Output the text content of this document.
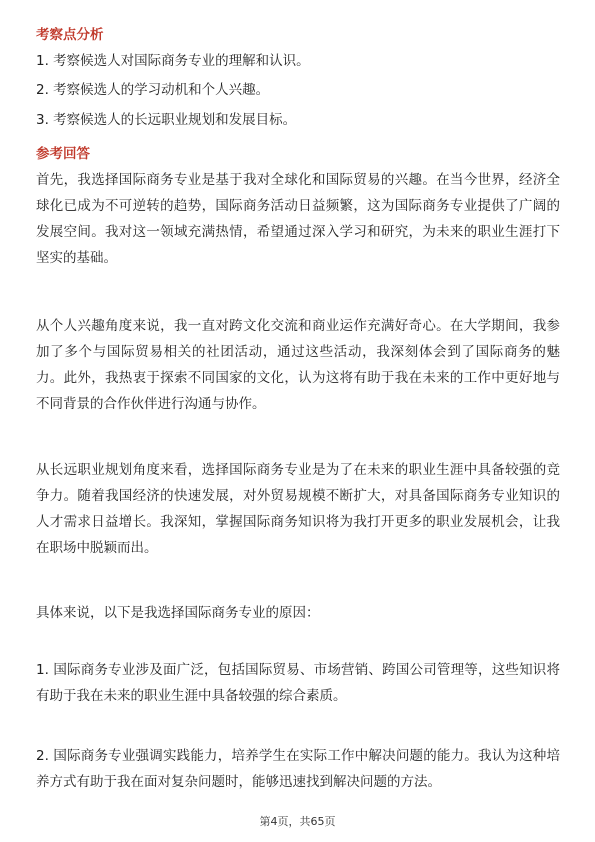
考察点分析

1. 考察候选人对国际商务专业的理解和认识。

2. 考察候选人的学习动机和个人兴趣。

3. 考察候选人的长远职业规划和发展目标。

参考回答

首先，我选择国际商务专业是基于我对全球化和国际贸易的兴趣。在当今世界，经济全球化已成为不可逆转的趋势，国际商务活动日益频繁，这为国际商务专业提供了广阔的发展空间。我对这一领域充满热情，希望通过深入学习和研究，为未来的职业生涯打下坚实的基础。

从个人兴趣角度来说，我一直对跨文化交流和商业运作充满好奇心。在大学期间，我参加了多个与国际贸易相关的社团活动，通过这些活动，我深刻体会到了国际商务的魅力。此外，我热衷于探索不同国家的文化，认为这将有助于我在未来的工作中更好地与不同背景的合作伙伴进行沟通与协作。

从长远职业规划角度来看，选择国际商务专业是为了在未来的职业生涯中具备较强的竞争力。随着我国经济的快速发展，对外贸易规模不断扩大，对具备国际商务专业知识的人才需求日益增长。我深知，掌握国际商务知识将为我打开更多的职业发展机会，让我在职场中脱颖而出。

具体来说，以下是我选择国际商务专业的原因：

1. 国际商务专业涉及面广泛，包括国际贸易、市场营销、跨国公司管理等，这些知识将有助于我在未来的职业生涯中具备较强的综合素质。

2. 国际商务专业强调实践能力，培养学生在实际工作中解决问题的能力。我认为这种培养方式有助于我在面对复杂问题时，能够迅速找到解决问题的方法。

第4页，共65页
